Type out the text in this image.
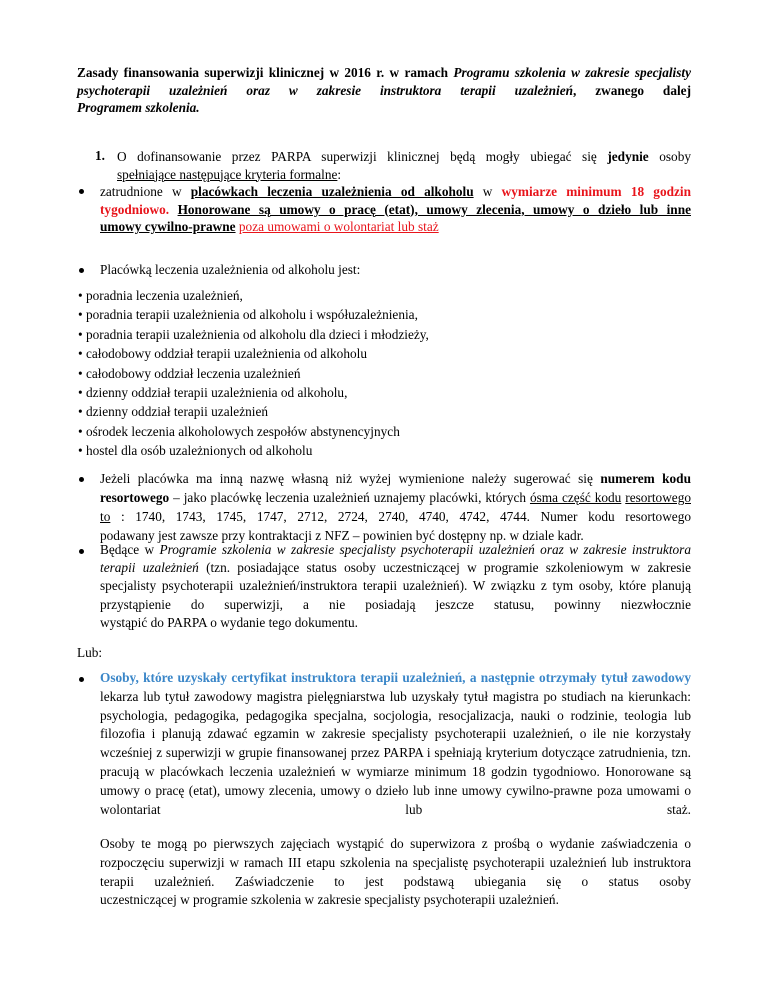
Zasady finansowania superwizji klinicznej w 2016 r. w ramach Programu szkolenia w zakresie specjalisty psychoterapii uzależnień oraz w zakresie instruktora terapii uzależnień, zwanego dalej
Programem szkolenia.
1. O dofinansowanie przez PARPA superwizji klinicznej będą mogły ubiegać się jedynie osoby
spełniające następujące kryteria formalne:
zatrudnione w placówkach leczenia uzależnienia od alkoholu w wymiarze minimum 18 godzin tygodniowo. Honorowane są umowy o pracę (etat), umowy zlecenia, umowy o dzieło lub inne
umowy cywilno-prawne poza umowami o wolontariat lub staż
Placówką leczenia uzależnienia od alkoholu jest:
• poradnia leczenia uzależnień,
• poradnia terapii uzależnienia od alkoholu i współuzależnienia,
• poradnia terapii uzależnienia od alkoholu dla dzieci i młodzieży,
• całodobowy oddział terapii uzależnienia od alkoholu
• całodobowy oddział leczenia uzależnień
• dzienny oddział terapii uzależnienia od alkoholu,
• dzienny oddział terapii uzależnień
• ośrodek leczenia alkoholowych zespołów abstynencyjnych
• hostel dla osób uzależnionych od alkoholu
Jeżeli placówka ma inną nazwę własną niż wyżej wymienione należy sugerować się numerem kodu resortowego – jako placówkę leczenia uzależnień uznajemy placówki, których ósma część kodu resortowego to : 1740, 1743, 1745, 1747, 2712, 2724, 2740, 4740, 4742, 4744. Numer kodu resortowego
podawany jest zawsze przy kontraktacji z NFZ – powinien być dostępny np. w dziale kadr.
Będące w Programie szkolenia w zakresie specjalisty psychoterapii uzależnień oraz w zakresie instruktora terapii uzależnień (tzn. posiadające status osoby uczestniczącej w programie szkoleniowym w zakresie specjalisty psychoterapii uzależnień/instruktora terapii uzależnień). W związku z tym osoby, które planują przystąpienie do superwizji, a nie posiadają jeszcze statusu, powinny niezwłocznie
wystąpić do PARPA o wydanie tego dokumentu.
Lub:
Osoby, które uzyskały certyfikat instruktora terapii uzależnień, a następnie otrzymały tytuł zawodowy lekarza lub tytuł zawodowy magistra pielęgniarstwa lub uzyskały tytuł magistra po studiach na kierunkach: psychologia, pedagogika, pedagogika specjalna, socjologia, resocjalizacja, nauki o rodzinie, teologia lub filozofia i planują zdawać egzamin w zakresie specjalisty psychoterapii uzależnień, o ile nie korzystały wcześniej z superwizji w grupie finansowanej przez PARPA i spełniają kryterium dotyczące zatrudnienia, tzn. pracują w placówkach leczenia uzależnień w wymiarze minimum 18 godzin tygodniowo. Honorowane są umowy o pracę (etat), umowy zlecenia, umowy o dzieło lub inne umowy cywilno-prawne poza umowami o wolontariat lub staż.
Osoby te mogą po pierwszych zajęciach wystąpić do superwizora z prośbą o wydanie zaświadczenia o rozpoczęciu superwizji w ramach III etapu szkolenia na specjalistę psychoterapii uzależnień lub instruktora terapii uzależnień. Zaświadczenie to jest podstawą ubiegania się o status osoby
uczestniczącej w programie szkolenia w zakresie specjalisty psychoterapii uzależnień.
